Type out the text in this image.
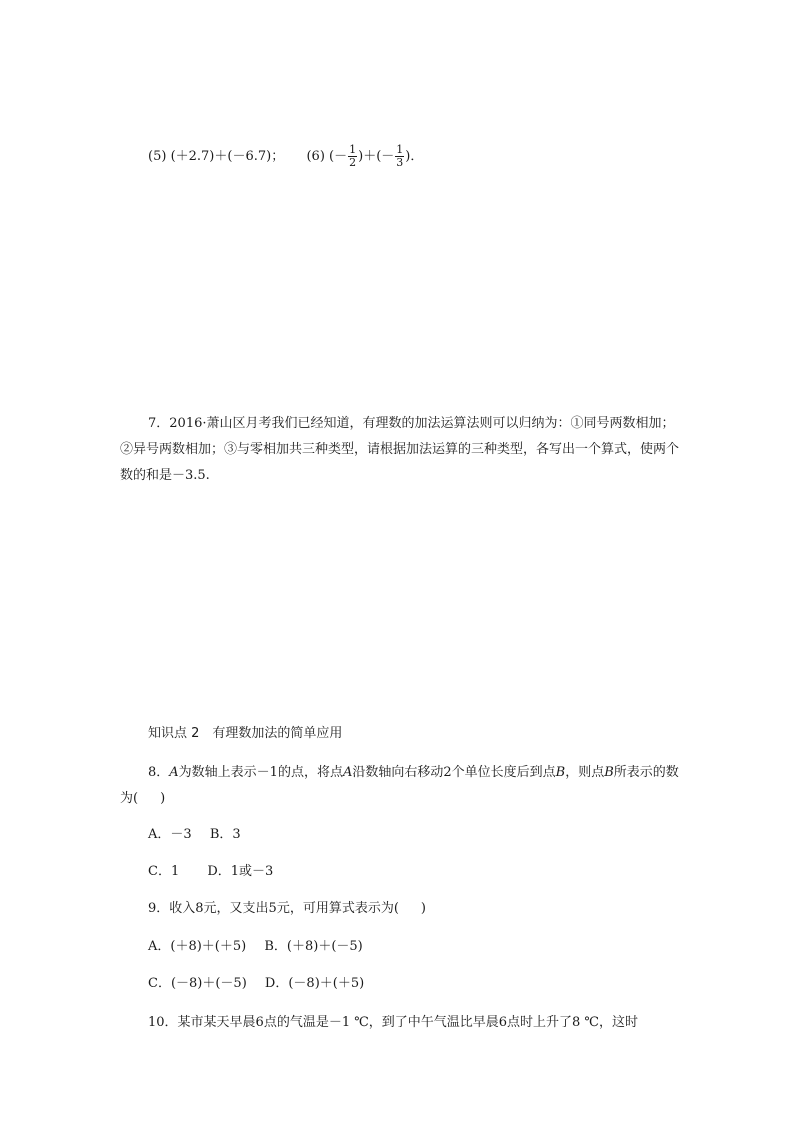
(5) (＋2.7)＋(－6.7)； (6) (－ $\frac{1}{2}$ )＋(－ $\frac{1}{3}$ )．
7．2016·萧山区月考我们已经知道，有理数的加法运算法则可以归纳为：①同号两数相加；②异号两数相加；③与零相加共三种类型，请根据加法运算的三种类型，各写出一个算式，使两个数的和是－3.5.
知识点 2　有理数加法的简单应用
8．A为数轴上表示－1的点，将点A沿数轴向右移动2个单位长度后到点B，则点B所表示的数为( )
A．－3 B．3
C．1 D．1或－3
9．收入8元，又支出5元，可用算式表示为( )
A．(＋8)＋(＋5) B．(＋8)＋(－5)
C．(－8)＋(－5) D．(－8)＋(＋5)
10．某市某天早晨6点的气温是－1 ℃，到了中午气温比早晨6点时上升了8 ℃，这时
